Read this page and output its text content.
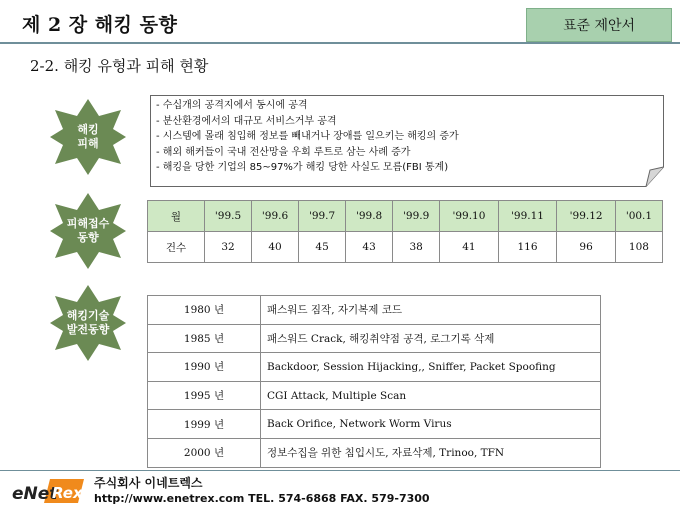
제 2 장 해킹 동향	표준 제안서
2-2. 해킹 유형과 피해 현황
해킹
피해
피해접수
동향
해킹기술
발전동향
- 수십개의 공격지에서 동시에 공격
- 분산환경에서의 대규모 서비스거부 공격
- 시스템에 몰래 침입해 정보를 빼내거나 장애를 일으키는 해킹의 증가
- 해외 해커들이 국내 전산망을 우회 루트로 삼는 사례 증가
- 해킹을 당한 기업의 85~97%가 해킹 당한 사실도 모름(FBI 통계)
월	'99.5	'99.6	'99.7	'99.8	'99.9	'99.10	'99.11	'99.12	'00.1
건수	32	40	45	43	38	41	116	96	108
1980 년	패스워드 짐작, 자기복제 코드
1985 년	패스워드 Crack, 해킹취약점 공격, 로그기록 삭제
1990 년	Backdoor, Session Hijacking,, Sniffer, Packet Spoofing
1995 년	CGI Attack, Multiple Scan
1999 년	Back Orifice, Network Worm Virus
2000 년	정보수집을 위한 침입시도, 자료삭제, Trinoo, TFN
eNet
Rex
주식회사 이네트렉스
http://www.enetrex.com TEL. 574-6868 FAX. 579-7300
